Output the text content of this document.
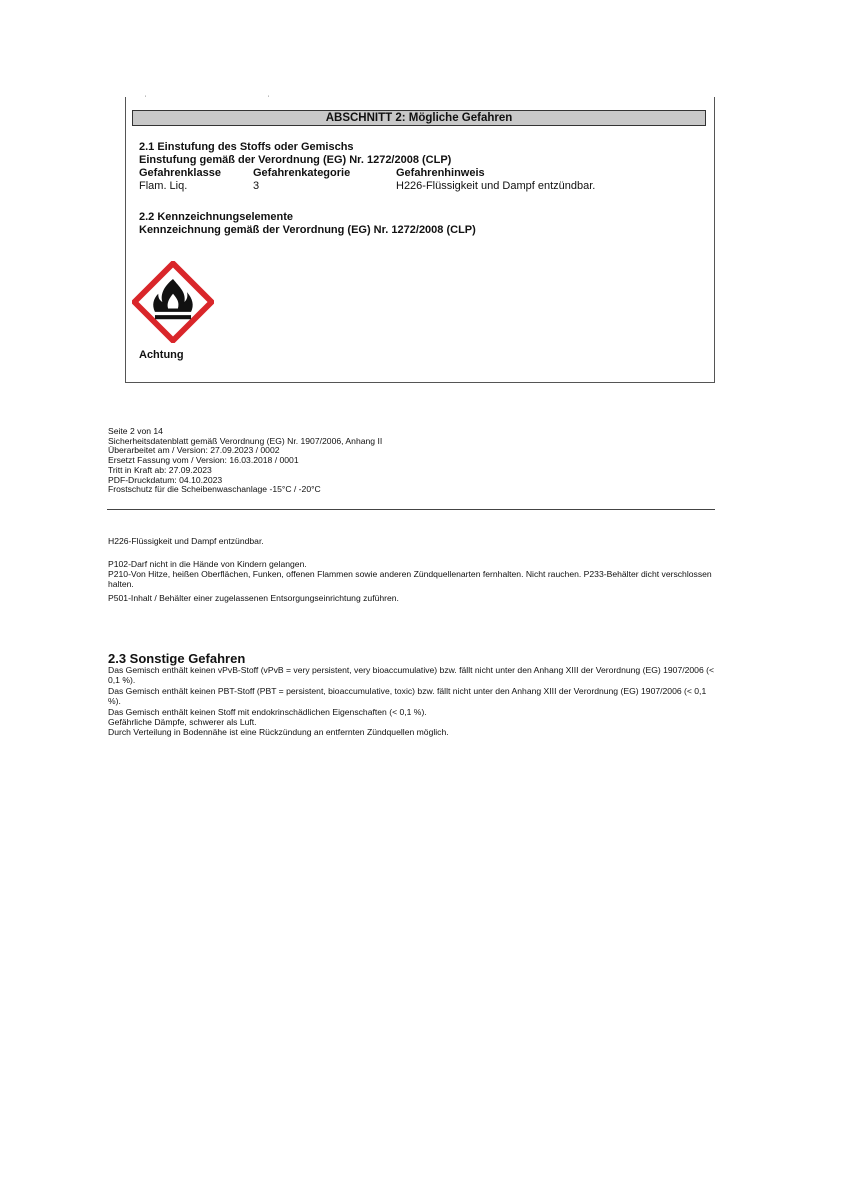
' '
ABSCHNITT 2: Mögliche Gefahren
2.1 Einstufung des Stoffs oder Gemischs
Einstufung gemäß der Verordnung (EG) Nr. 1272/2008 (CLP)
Gefahrenklasse	Gefahrenkategorie	Gefahrenhinweis
Flam. Liq.	3	H226-Flüssigkeit und Dampf entzündbar.
2.2 Kennzeichnungselemente
Kennzeichnung gemäß der Verordnung (EG) Nr. 1272/2008 (CLP)
Achtung
Seite 2 von 14
Sicherheitsdatenblatt gemäß Verordnung (EG) Nr. 1907/2006, Anhang II
Überarbeitet am / Version: 27.09.2023 / 0002
Ersetzt Fassung vom / Version: 16.03.2018 / 0001
Tritt in Kraft ab: 27.09.2023
PDF-Druckdatum: 04.10.2023
Frostschutz für die Scheibenwaschanlage -15°C / -20°C
H226-Flüssigkeit und Dampf entzündbar.
P102-Darf nicht in die Hände von Kindern gelangen.
P210-Von Hitze, heißen Oberflächen, Funken, offenen Flammen sowie anderen Zündquellenarten fernhalten. Nicht rauchen. P233-Behälter dicht verschlossen halten.
P501-Inhalt / Behälter einer zugelassenen Entsorgungseinrichtung zuführen.
2.3 Sonstige Gefahren
Das Gemisch enthält keinen vPvB-Stoff (vPvB = very persistent, very bioaccumulative) bzw. fällt nicht unter den Anhang XIII der Verordnung (EG) 1907/2006 (< 0,1 %).
Das Gemisch enthält keinen PBT-Stoff (PBT = persistent, bioaccumulative, toxic) bzw. fällt nicht unter den Anhang XIII der Verordnung (EG) 1907/2006 (< 0,1 %).
Das Gemisch enthält keinen Stoff mit endokrinschädlichen Eigenschaften (< 0,1 %).
Gefährliche Dämpfe, schwerer als Luft.
Durch Verteilung in Bodennähe ist eine Rückzündung an entfernten Zündquellen möglich.
